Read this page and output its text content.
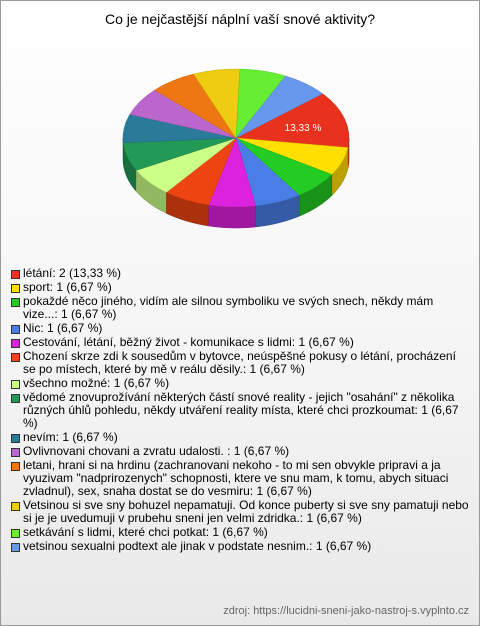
Co je nejčastější náplní vaší snové aktivity?
13,33 %
létání: 2 (13,33 %)
sport: 1 (6,67 %)
pokaždé něco jiného, vidím ale silnou symboliku ve svých snech, někdy mám vize...: 1 (6,67 %)
Nic: 1 (6,67 %)
Cestování, létání, běžný život - komunikace s lidmi: 1 (6,67 %)
Chození skrze zdi k sousedům v bytovce, neúspěšné pokusy o létání, procházení se po místech, které by mě v reálu děsily.: 1 (6,67 %)
všechno možné: 1 (6,67 %)
vědomé znovuprožívání některých částí snové reality - jejich "osahání" z několika různých úhlů pohledu, někdy utváření reality místa, které chci prozkoumat: 1 (6,67 %)
nevím: 1 (6,67 %)
Ovlivnovani chovani a zvratu udalosti. : 1 (6,67 %)
letani, hrani si na hrdinu (zachranovani nekoho - to mi sen obvykle pripravi a ja vyuzivam "nadprirozenych" schopnosti, ktere ve snu mam, k tomu, abych situaci zvladnul), sex, snaha dostat se do vesmiru: 1 (6,67 %)
Vetsinou si sve sny bohuzel nepamatuji. Od konce puberty si sve sny pamatuji nebo si je je uvedumuji v prubehu sneni jen velmi zdridka.: 1 (6,67 %)
setkávání s lidmi, které chci potkat: 1 (6,67 %)
vetsinou sexualni podtext ale jinak v podstate nesnim.: 1 (6,67 %)
zdroj: https://lucidni-sneni-jako-nastroj-s.vyplnto.cz
